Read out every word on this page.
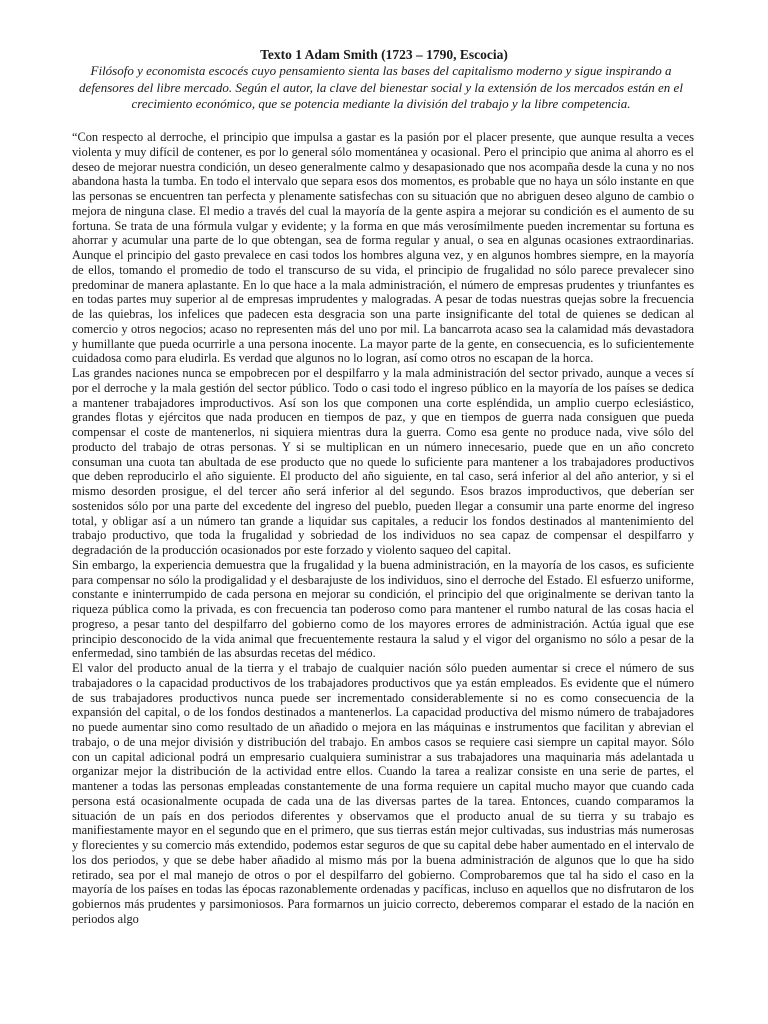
Texto 1 Adam Smith (1723 – 1790, Escocia)
Filósofo y economista escocés cuyo pensamiento sienta las bases del capitalismo moderno y sigue inspirando a defensores del libre mercado. Según el autor, la clave del bienestar social y la extensión de los mercados están en el crecimiento económico, que se potencia mediante la división del trabajo y la libre competencia.

“Con respecto al derroche, el principio que impulsa a gastar es la pasión por el placer presente, que aunque resulta a veces violenta y muy difícil de contener, es por lo general sólo momentánea y ocasional. Pero el principio que anima al ahorro es el deseo de mejorar nuestra condición, un deseo generalmente calmo y desapasionado que nos acompaña desde la cuna y no nos abandona hasta la tumba. En todo el intervalo que separa esos dos momentos, es probable que no haya un sólo instante en que las personas se encuentren tan perfecta y plenamente satisfechas con su situación que no abriguen deseo alguno de cambio o mejora de ninguna clase. El medio a través del cual la mayoría de la gente aspira a mejorar su condición es el aumento de su fortuna. Se trata de una fórmula vulgar y evidente; y la forma en que más verosímilmente pueden incrementar su fortuna es ahorrar y acumular una parte de lo que obtengan, sea de forma regular y anual, o sea en algunas ocasiones extraordinarias. Aunque el principio del gasto prevalece en casi todos los hombres alguna vez, y en algunos hombres siempre, en la mayoría de ellos, tomando el promedio de todo el transcurso de su vida, el principio de frugalidad no sólo parece prevalecer sino predominar de manera aplastante. En lo que hace a la mala administración, el número de empresas prudentes y triunfantes es en todas partes muy superior al de empresas imprudentes y malogradas. A pesar de todas nuestras quejas sobre la frecuencia de las quiebras, los infelices que padecen esta desgracia son una parte insignificante del total de quienes se dedican al comercio y otros negocios; acaso no representen más del uno por mil. La bancarrota acaso sea la calamidad más devastadora y humillante que pueda ocurrirle a una persona inocente. La mayor parte de la gente, en consecuencia, es lo suficientemente cuidadosa como para eludirla. Es verdad que algunos no lo logran, así como otros no escapan de la horca.

Las grandes naciones nunca se empobrecen por el despilfarro y la mala administración del sector privado, aunque a veces sí por el derroche y la mala gestión del sector público. Todo o casi todo el ingreso público en la mayoría de los países se dedica a mantener trabajadores improductivos. Así son los que componen una corte espléndida, un amplio cuerpo eclesiástico, grandes flotas y ejércitos que nada producen en tiempos de paz, y que en tiempos de guerra nada consiguen que pueda compensar el coste de mantenerlos, ni siquiera mientras dura la guerra. Como esa gente no produce nada, vive sólo del producto del trabajo de otras personas. Y si se multiplican en un número innecesario, puede que en un año concreto consuman una cuota tan abultada de ese producto que no quede lo suficiente para mantener a los trabajadores productivos que deben reproducirlo el año siguiente. El producto del año siguiente, en tal caso, será inferior al del año anterior, y si el mismo desorden prosigue, el del tercer año será inferior al del segundo. Esos brazos improductivos, que deberían ser sostenidos sólo por una parte del excedente del ingreso del pueblo, pueden llegar a consumir una parte enorme del ingreso total, y obligar así a un número tan grande a liquidar sus capitales, a reducir los fondos destinados al mantenimiento del trabajo productivo, que toda la frugalidad y sobriedad de los individuos no sea capaz de compensar el despilfarro y degradación de la producción ocasionados por este forzado y violento saqueo del capital.

Sin embargo, la experiencia demuestra que la frugalidad y la buena administración, en la mayoría de los casos, es suficiente para compensar no sólo la prodigalidad y el desbarajuste de los individuos, sino el derroche del Estado. El esfuerzo uniforme, constante e ininterrumpido de cada persona en mejorar su condición, el principio del que originalmente se derivan tanto la riqueza pública como la privada, es con frecuencia tan poderoso como para mantener el rumbo natural de las cosas hacia el progreso, a pesar tanto del despilfarro del gobierno como de los mayores errores de administración. Actúa igual que ese principio desconocido de la vida animal que frecuentemente restaura la salud y el vigor del organismo no sólo a pesar de la enfermedad, sino también de las absurdas recetas del médico.

El valor del producto anual de la tierra y el trabajo de cualquier nación sólo pueden aumentar si crece el número de sus trabajadores o la capacidad productivos de los trabajadores productivos que ya están empleados. Es evidente que el número de sus trabajadores productivos nunca puede ser incrementado considerablemente si no es como consecuencia de la expansión del capital, o de los fondos destinados a mantenerlos. La capacidad productiva del mismo número de trabajadores no puede aumentar sino como resultado de un añadido o mejora en las máquinas e instrumentos que facilitan y abrevian el trabajo, o de una mejor división y distribución del trabajo. En ambos casos se requiere casi siempre un capital mayor. Sólo con un capital adicional podrá un empresario cualquiera suministrar a sus trabajadores una maquinaria más adelantada u organizar mejor la distribución de la actividad entre ellos. Cuando la tarea a realizar consiste en una serie de partes, el mantener a todas las personas empleadas constantemente de una forma requiere un capital mucho mayor que cuando cada persona está ocasionalmente ocupada de cada una de las diversas partes de la tarea. Entonces, cuando comparamos la situación de un país en dos periodos diferentes y observamos que el producto anual de su tierra y su trabajo es manifiestamente mayor en el segundo que en el primero, que sus tierras están mejor cultivadas, sus industrias más numerosas y florecientes y su comercio más extendido, podemos estar seguros de que su capital debe haber aumentado en el intervalo de los dos periodos, y que se debe haber añadido al mismo más por la buena administración de algunos que lo que ha sido retirado, sea por el mal manejo de otros o por el despilfarro del gobierno. Comprobaremos que tal ha sido el caso en la mayoría de los países en todas las épocas razonablemente ordenadas y pacíficas, incluso en aquellos que no disfrutaron de los gobiernos más prudentes y parsimoniosos. Para formarnos un juicio correcto, deberemos comparar el estado de la nación en periodos algo
